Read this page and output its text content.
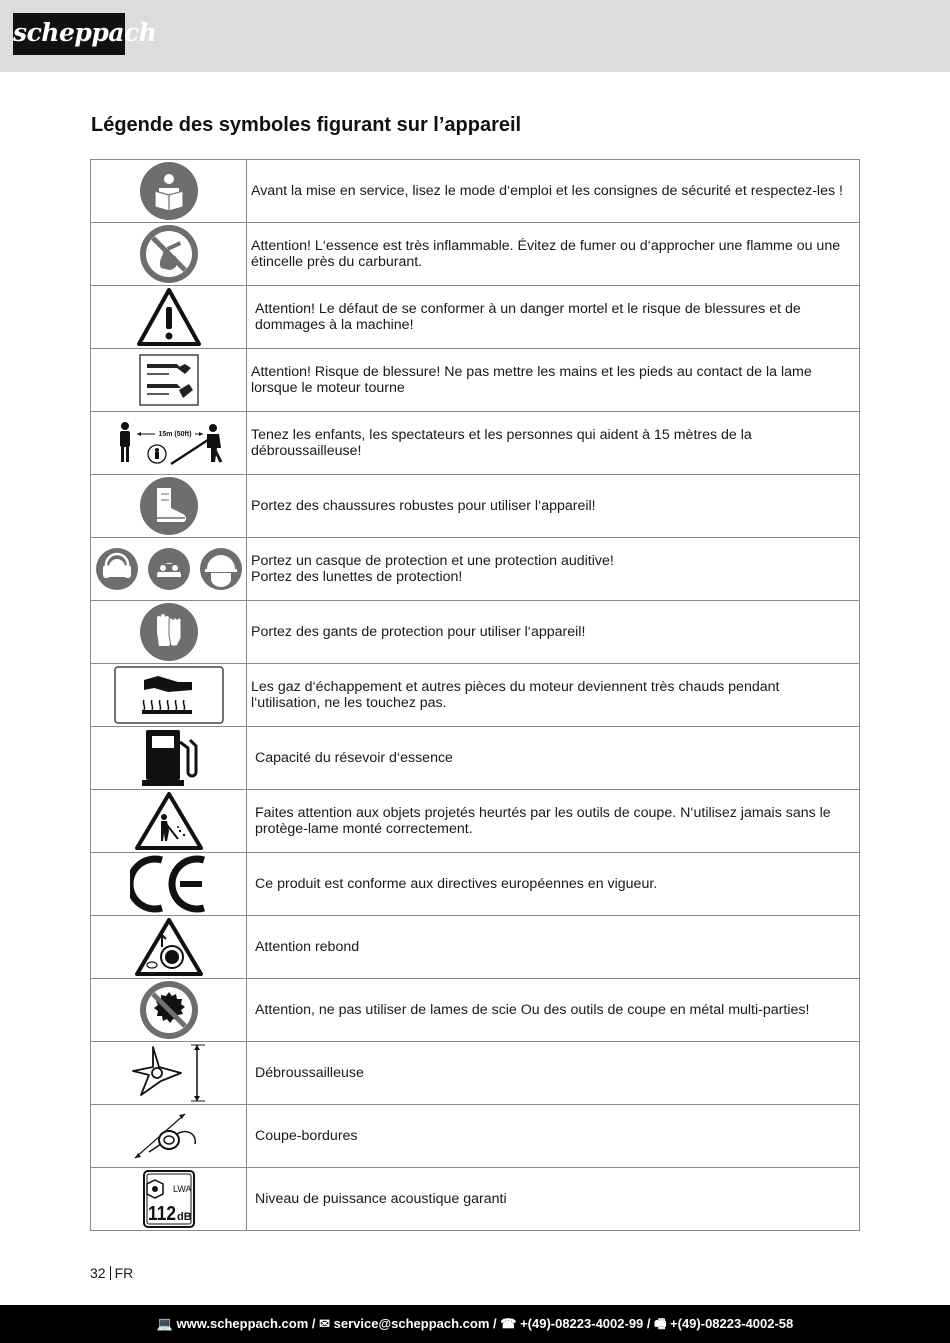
scheppach
Légende des symboles figurant sur l’appareil
	Avant la mise en service, lisez le mode d‘emploi et les consignes de sécurité et respectez-les !

	Attention! L‘essence est très inflammable. Évitez de fumer ou d‘approcher une flamme ou une étincelle près du carburant.

	Attention! Le défaut de se conformer à un danger mortel et le risque de blessures et de dommages à la machine!

	Attention! Risque de blessure! Ne pas mettre les mains et les pieds au contact de la lame lorsque le moteur tourne

15m (50ft)	Tenez les enfants, les spectateurs et les personnes qui aident à 15 mètres de la débroussailleuse!

	Portez des chaussures robustes pour utiliser l‘appareil!

	Portez un casque de protection et une protection auditive!
Portez des lunettes de protection!

	Portez des gants de protection pour utiliser l‘appareil!

	Les gaz d‘échappement et autres pièces du moteur deviennent très chauds pendant l‘utilisation, ne les touchez pas.

	Capacité du résevoir d‘essence

	Faites attention aux objets projetés heurtés par les outils de coupe. N‘utilisez jamais sans le protège-lame monté correctement.

	Ce produit est conforme aux directives européennes en vigueur.

	Attention rebond

	Attention, ne pas utiliser de lames de scie Ou des outils de coupe en métal multi-parties!

	Débroussailleuse

	Coupe-bordures

LWA
112 dB	Niveau de puissance acoustique garanti
32 FR
💻 www.scheppach.com / ✉ service@scheppach.com / ☎ +(49)-08223-4002-99 / 🖷 +(49)-08223-4002-58
